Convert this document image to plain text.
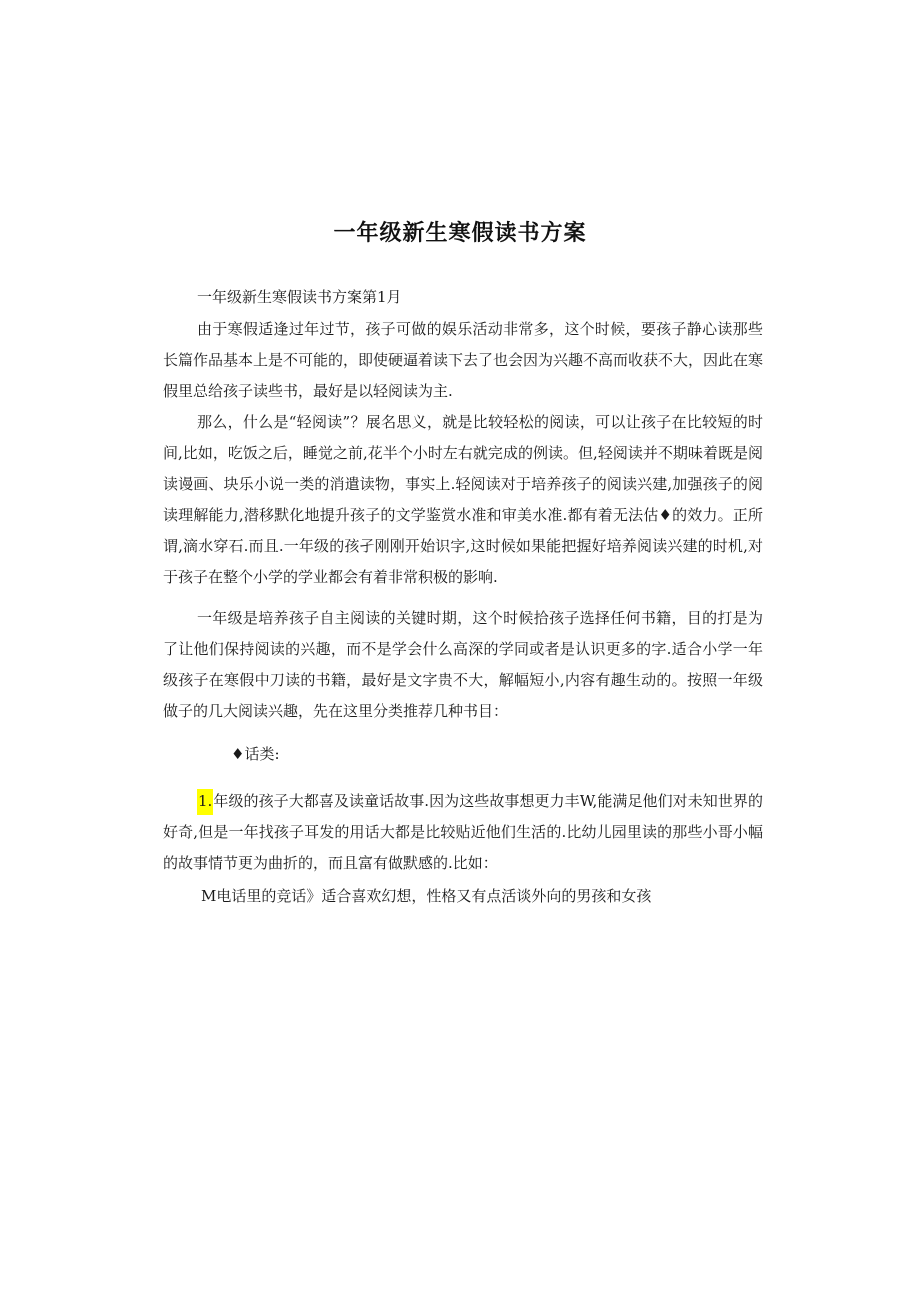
一年级新生寒假读书方案
一年级新生寒假读书方案第1月
由于寒假适逢过年过节，孩子可做的娱乐活动非常多，这个时候，要孩子静心读那些长篇作品基本上是不可能的，即使硬逼着读下去了也会因为兴趣不高而收获不大，因此在寒假里总给孩子读些书，最好是以轻阅读为主.
那么，什么是“轻阅读”？展名思义，就是比较轻松的阅读，可以让孩子在比较短的时间,比如，吃饭之后，睡觉之前,花半个小时左右就完成的例读。但,轻阅读并不期味着既是阅读谩画、块乐小说一类的消遣读物，事实上.轻阅读对于培养孩子的阅读兴建,加强孩子的阅读理解能力,潜移默化地提升孩子的文学鉴赏水准和审美水准.都有着无法估♦的效力。正所谓,滴水穿石.而且.一年级的孩孑刚刚开始识字,这时候如果能把握好培养阅读兴建的时机,对于孩子在整个小学的学业都会有着非常积极的影响.
一年级是培养孩子自主阅读的关键时期，这个时候拾孩子选择任何书籍，目的打是为了让他们保持阅读的兴趣，而不是学会什么高深的学同或者是认识更多的字.适合小学一年级孩子在寒假中刀读的书籍，最好是文字贵不大，解幅短小,内容有趣生动的。按照一年级做子的几大阅读兴趣，先在这里分类推荐几种书目：
♦话类:
1.年级的孩子大都喜及读童话故事.因为这些故事想更力丰W,能满足他们对未知世界的好奇,但是一年找孩子耳发的用话大都是比较贴近他们生活的.比幼儿园里读的那些小哥小幅的故事情节更为曲折的，而且富有做默感的.比如：
M电话里的竞话》适合喜欢幻想，性格又有点活谈外向的男孩和女孩
